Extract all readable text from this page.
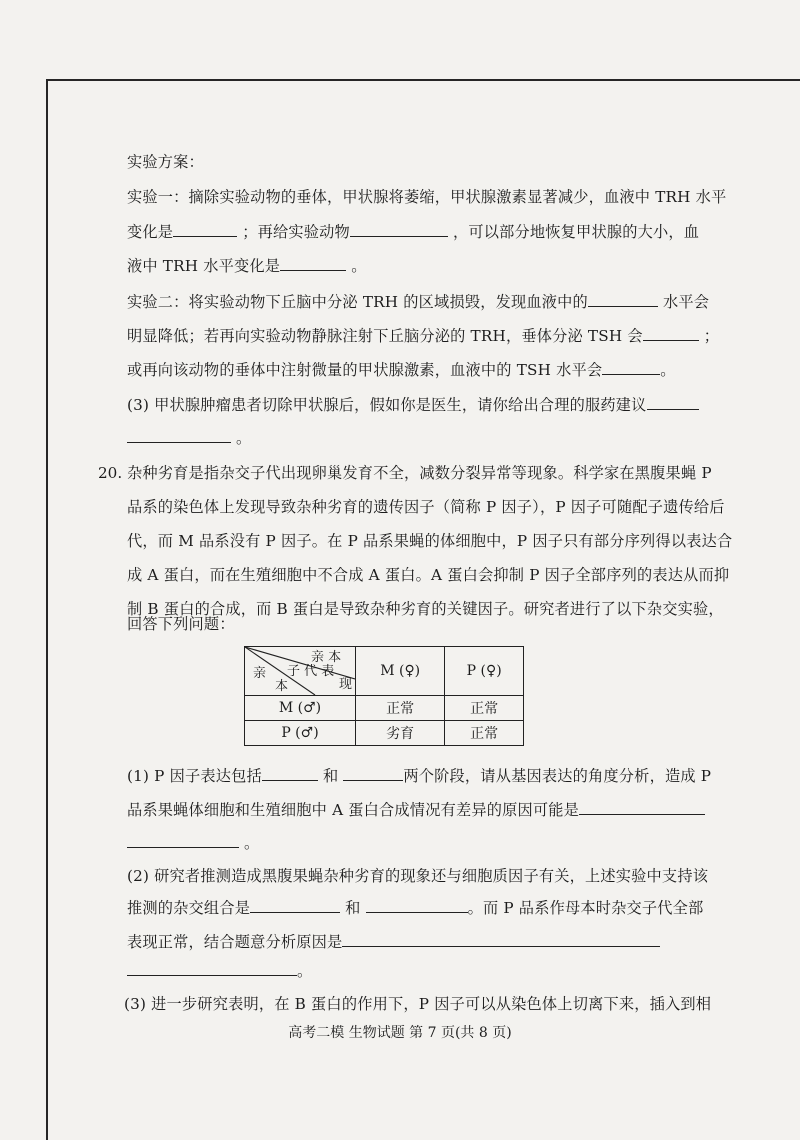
实验方案：
实验一：摘除实验动物的垂体，甲状腺将萎缩，甲状腺激素显著减少，血液中 TRH 水平
变化是	；再给实验动物	，可以部分地恢复甲状腺的大小，血
液中 TRH 水平变化是	。
实验二：将实验动物下丘脑中分泌 TRH 的区域损毁，发现血液中的	水平会
明显降低；若再向实验动物静脉注射下丘脑分泌的 TRH，垂体分泌 TSH 会	；
或再向该动物的垂体中注射微量的甲状腺激素，血液中的 TSH 水平会	。
(3) 甲状腺肿瘤患者切除甲状腺后，假如你是医生，请你给出合理的服药建议
。
20. 杂种劣育是指杂交子代出现卵巢发育不全，减数分裂异常等现象。科学家在黑腹果蝇 P
品系的染色体上发现导致杂种劣育的遗传因子（简称 P 因子），P 因子可随配子遗传给后
代，而 M 品系没有 P 因子。在 P 品系果蝇的体细胞中，P 因子只有部分序列得以表达合
成 A 蛋白，而在生殖细胞中不合成 A 蛋白。A 蛋白会抑制 P 因子全部序列的表达从而抑
制 B 蛋白的合成，而 B 蛋白是导致杂种劣育的关键因子。研究者进行了以下杂交实验，
回答下列问题：
亲 本
子 代 表
现
亲
本	M (♀)	P (♀)
M (♂)	正常	正常
P (♂)	劣育	正常
(1) P 因子表达包括	和	两个阶段，请从基因表达的角度分析，造成 P
品系果蝇体细胞和生殖细胞中 A 蛋白合成情况有差异的原因可能是
。
(2) 研究者推测造成黑腹果蝇杂种劣育的现象还与细胞质因子有关，上述实验中支持该
推测的杂交组合是	和	。而 P 品系作母本时杂交子代全部
表现正常，结合题意分析原因是
。
(3) 进一步研究表明，在 B 蛋白的作用下，P 因子可以从染色体上切离下来，插入到相
高考二模 生物试题 第 7 页(共 8 页)
